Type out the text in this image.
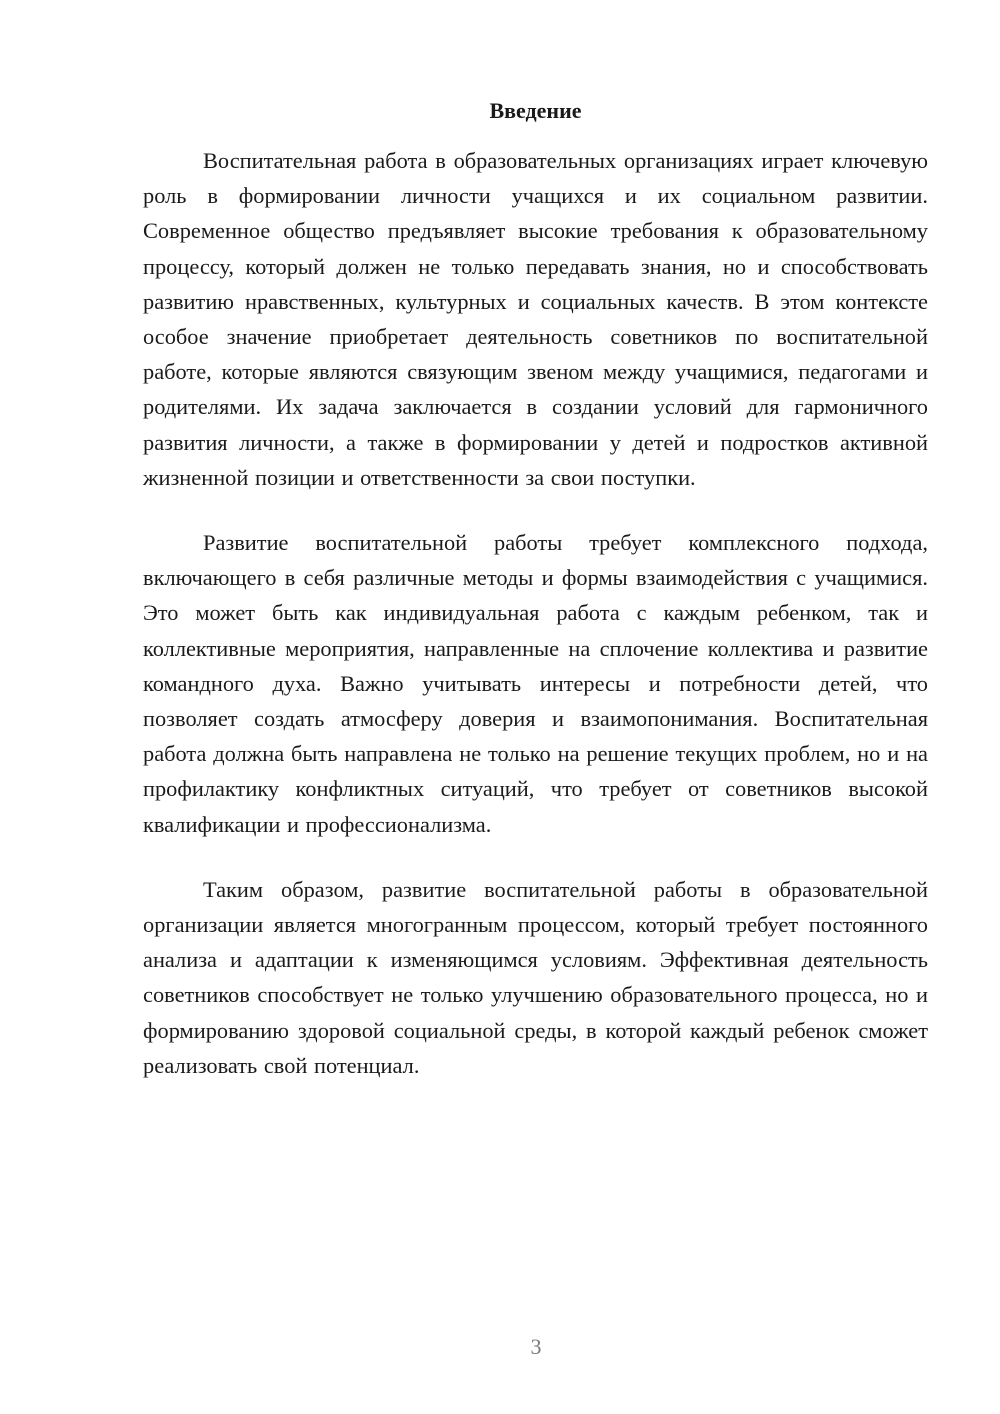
Введение

Воспитательная работа в образовательных организациях играет ключевую роль в формировании личности учащихся и их социальном развитии. Современное общество предъявляет высокие требования к образовательному процессу, который должен не только передавать знания, но и способствовать развитию нравственных, культурных и социальных качеств. В этом контексте особое значение приобретает деятельность советников по воспитательной работе, которые являются связующим звеном между учащимися, педагогами и родителями. Их задача заключается в создании условий для гармоничного развития личности, а также в формировании у детей и подростков активной жизненной позиции и ответственности за свои поступки.

Развитие воспитательной работы требует комплексного подхода, включающего в себя различные методы и формы взаимодействия с учащимися. Это может быть как индивидуальная работа с каждым ребенком, так и коллективные мероприятия, направленные на сплочение коллектива и развитие командного духа. Важно учитывать интересы и потребности детей, что позволяет создать атмосферу доверия и взаимопонимания. Воспитательная работа должна быть направлена не только на решение текущих проблем, но и на профилактику конфликтных ситуаций, что требует от советников высокой квалификации и профессионализма.

Таким образом, развитие воспитательной работы в образовательной организации является многогранным процессом, который требует постоянного анализа и адаптации к изменяющимся условиям. Эффективная деятельность советников способствует не только улучшению образовательного процесса, но и формированию здоровой социальной среды, в которой каждый ребенок сможет реализовать свой потенциал.

3
